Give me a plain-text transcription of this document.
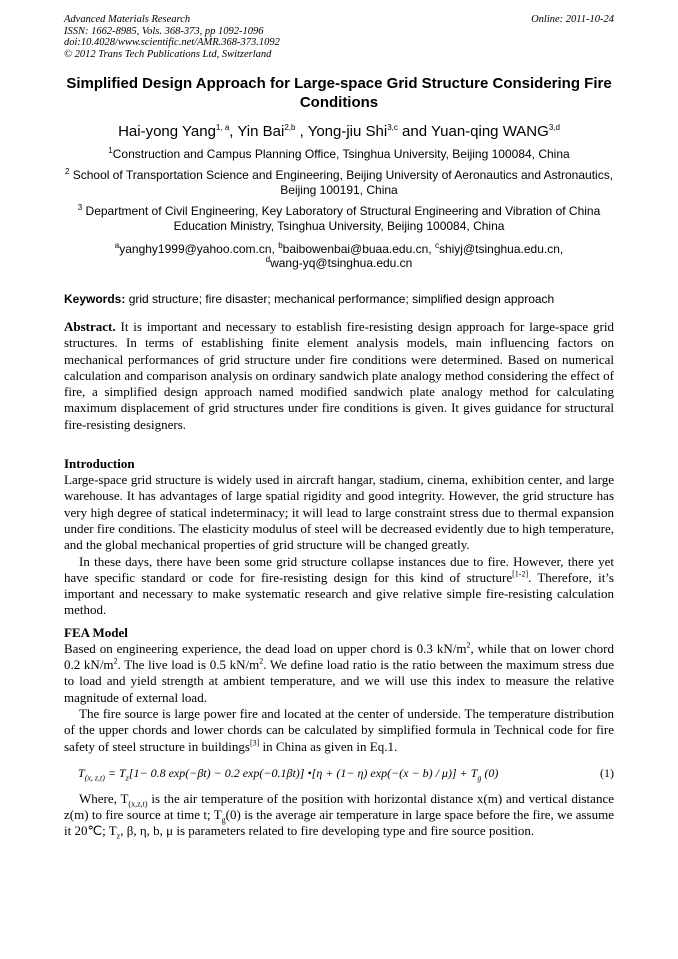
Advanced Materials Research
ISSN: 1662-8985, Vols. 368-373, pp 1092-1096
doi:10.4028/www.scientific.net/AMR.368-373.1092
© 2012 Trans Tech Publications Ltd, Switzerland
Online: 2011-10-24
Simplified Design Approach for Large-space Grid Structure Considering Fire Conditions
Hai-yong Yang$^{1, a}$, Yin Bai$^{2,b}$ , Yong-jiu Shi$^{3,c}$ and Yuan-qing WANG$^{3,d}$
$^1$Construction and Campus Planning Office, Tsinghua University, Beijing 100084, China
$^2$ School of Transportation Science and Engineering, Beijing University of Aeronautics and Astronautics, Beijing 100191, China
$^3$ Department of Civil Engineering, Key Laboratory of Structural Engineering and Vibration of China Education Ministry, Tsinghua University, Beijing 100084, China
$^a$yanghy1999@yahoo.com.cn, $^b$baibowenbai@buaa.edu.cn, $^c$shiyj@tsinghua.edu.cn,
$^d$wang-yq@tsinghua.edu.cn
Keywords: grid structure; fire disaster; mechanical performance; simplified design approach
Abstract. It is important and necessary to establish fire-resisting design approach for large-space grid structures. In terms of establishing finite element analysis models, main influencing factors on mechanical performances of grid structure under fire conditions were determined. Based on numerical calculation and comparison analysis on ordinary sandwich plate analogy method considering the effect of fire, a simplified design approach named modified sandwich plate analogy method for calculating maximum displacement of grid structures under fire conditions is given. It gives guidance for structural fire-resisting designers.
Introduction

Large-space grid structure is widely used in aircraft hangar, stadium, cinema, exhibition center, and large warehouse. It has advantages of large spatial rigidity and good integrity. However, the grid structure has very high degree of statical indeterminacy; it will lead to large constraint stress due to thermal expansion under fire conditions. The elasticity modulus of steel will be decreased evidently due to high temperature, and the global mechanical properties of grid structure will be changed greatly.

In these days, there have been some grid structure collapse instances due to fire. However, there yet have specific standard or code for fire-resisting design for this kind of structure[1-2]. Therefore, it’s important and necessary to make systematic research and give relative simple fire-resisting calculation method.

FEA Model

Based on engineering experience, the dead load on upper chord is 0.3 $kN/m^2$, while that on lower chord 0.2 $kN/m^2$. The live load is 0.5 $kN/m^2$. We define load ratio is the ratio between the maximum stress due to load and yield strength at ambient temperature, and we will use this index to measure the relative magnitude of external load.

The fire source is large power fire and located at the center of underside. The temperature distribution of the upper chords and lower chords can be calculated by simplified formula in Technical code for fire safety of steel structure in buildings[3] in China as given in Eq.1.

$T_{(x, z,t)} = T_z[1- 0.8$ exp(−βt) − 0.2 exp(−0.1βt)] •[η + (1− η) $\exp(-(x - b) / \mu)] + T_g$ (0)	(1)

Where, $T_{(x,z,t)}$ is the air temperature of the position with horizontal distance x(m) and vertical distance z(m) to fire source at time t; $T_g(0)$ is the average air temperature in large space before the fire, we assume it 20℃; $T_z$, β, η, b, μ is parameters related to fire developing type and fire source position.
